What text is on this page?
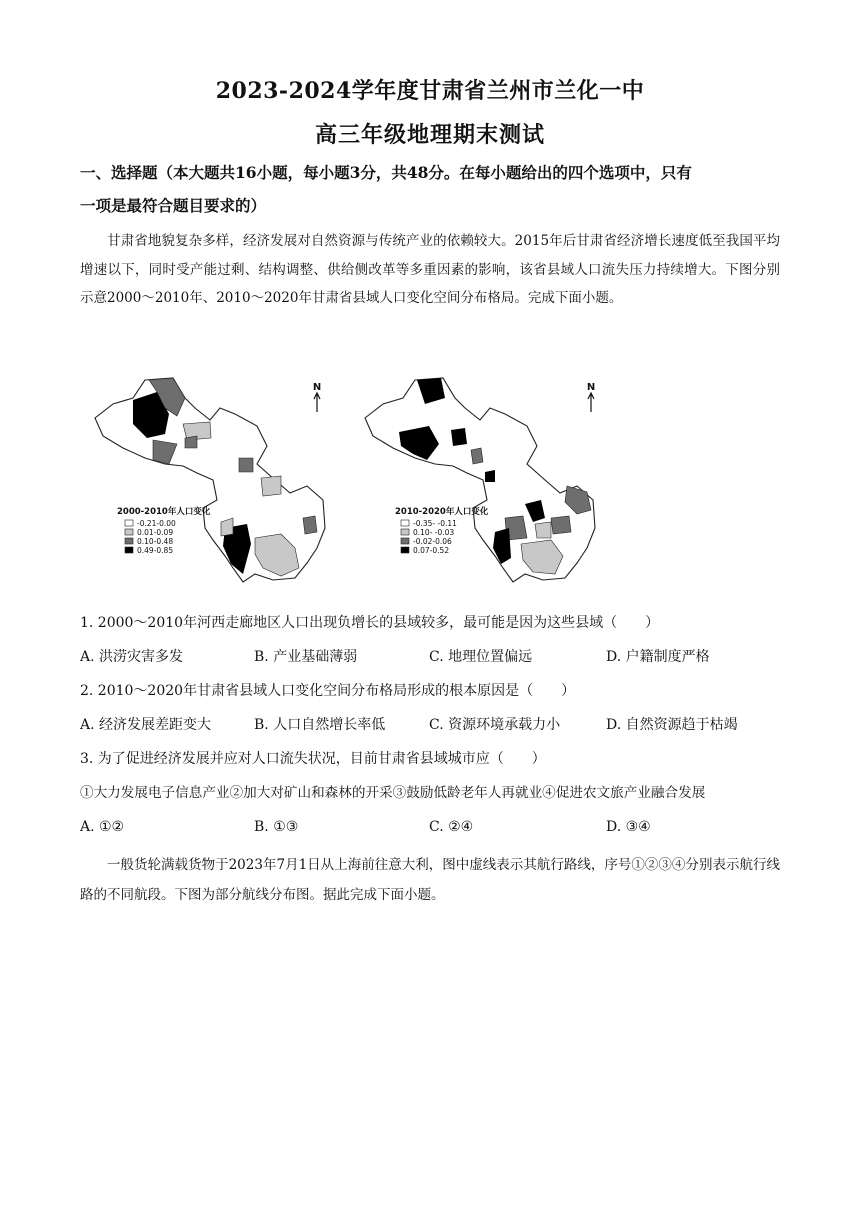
2023-2024学年度甘肃省兰州市兰化一中
高三年级地理期末测试
一、选择题（本大题共16小题，每小题3分，共48分。在每小题给出的四个选项中，只有
一项是最符合题目要求的）
甘肃省地貌复杂多样，经济发展对自然资源与传统产业的依赖较大。2015年后甘肃省经济增长速度低至我国平均增速以下，同时受产能过剩、结构调整、供给侧改革等多重因素的影响，该省县域人口流失压力持续增大。下图分别示意2000～2010年、2010～2020年甘肃省县域人口变化空间分布格局。完成下面小题。
2000-2010年人口变化
-0.21-0.00
0.01-0.09
0.10-0.48
0.49-0.85
N
2010-2020年人口变化
-0.35- -0.11
0.10- -0.03
-0.02-0.06
0.07-0.52
N
1. 2000～2010年河西走廊地区人口出现负增长的县域较多，最可能是因为这些县域（　　）
A. 洪涝灾害多发	B. 产业基础薄弱	C. 地理位置偏远	D. 户籍制度严格
2. 2010～2020年甘肃省县域人口变化空间分布格局形成的根本原因是（　　）
A. 经济发展差距变大	B. 人口自然增长率低	C. 资源环境承载力小	D. 自然资源趋于枯竭
3. 为了促进经济发展并应对人口流失状况，目前甘肃省县域城市应（　　）
①大力发展电子信息产业②加大对矿山和森林的开采③鼓励低龄老年人再就业④促进农文旅产业融合发展
A. ①②	B. ①③	C. ②④	D. ③④
一般货轮满载货物于2023年7月1日从上海前往意大利，图中虚线表示其航行路线，序号①②③④分别表示航行线路的不同航段。下图为部分航线分布图。据此完成下面小题。
